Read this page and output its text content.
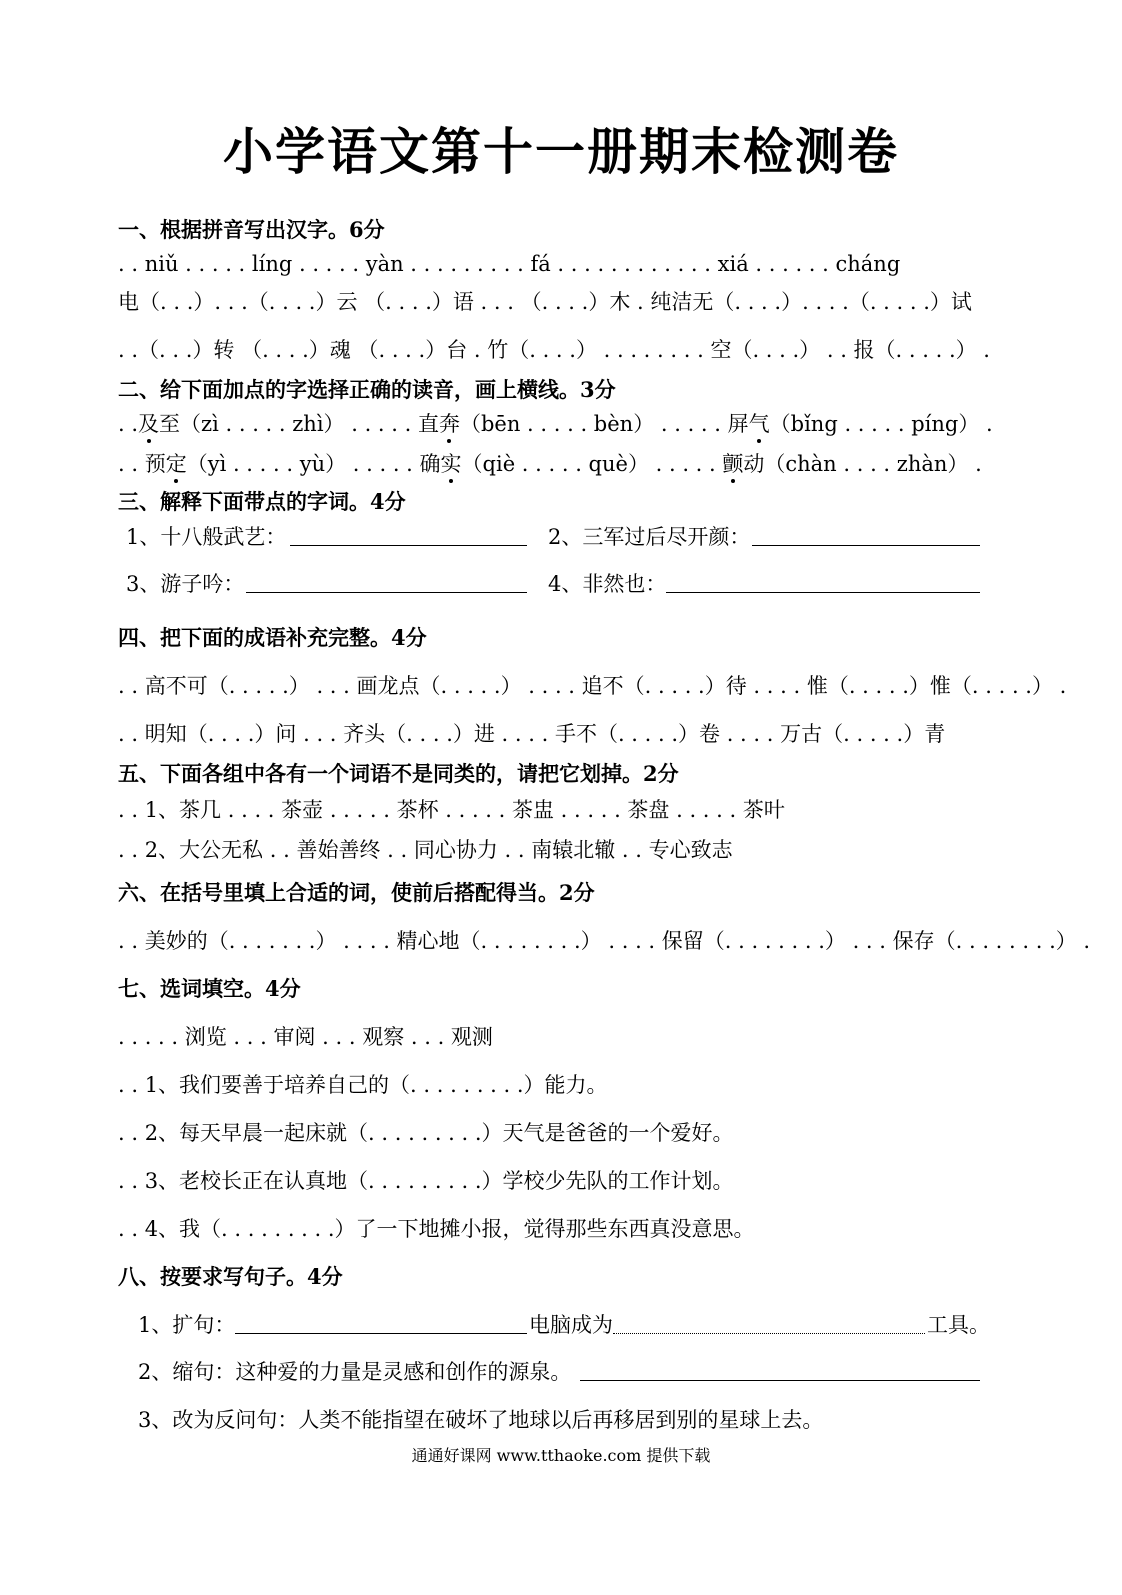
小学语文第十一册期末检测卷
一、根据拼音写出汉字。6分
. . niǔ . . . . . líng . . . . . yàn . . . . . . . . . fá . . . . . . . . . . . . xiá . . . . . . cháng
电（. . .）. . .（. . . .）云 （. . . .）语 . . . （. . . .）木 . 纯洁无（. . . .）. . . .（. . . . .）试
. .（. . .）转 （. . . .）魂 （. . . .）台 . 竹（. . . .） . . . . . . . . 空（. . . .） . . 报（. . . . .） .
二、给下面加点的字选择正确的读音，画上横线。3分
. .及至（zì . . . . . zhì） . . . . . 直奔（bēn . . . . . bèn） . . . . . 屏气（bǐng . . . . . píng） .
. . 预定（yì . . . . . yù） . . . . . 确实（qiè . . . . . què） . . . . . 颤动（chàn . . . . zhàn） .
三、解释下面带点的字词。4分
1、十八般武艺：	2、三军过后尽开颜：
3、游子吟：	4、非然也：
四、把下面的成语补充完整。4分
. . 高不可（. . . . .） . . . 画龙点（. . . . .） . . . . 追不（. . . . .）待 . . . . 惟（. . . . .）惟（. . . . .） .
. . 明知（. . . .）问 . . . 齐头（. . . .）进 . . . . 手不（. . . . .）卷 . . . . 万古（. . . . .）青
五、下面各组中各有一个词语不是同类的，请把它划掉。2分
. . 1、茶几 . . . . 茶壶 . . . . . 茶杯 . . . . . 茶盅 . . . . . 茶盘 . . . . . 茶叶
. . 2、大公无私 . . 善始善终 . . 同心协力 . . 南辕北辙 . . 专心致志
六、在括号里填上合适的词，使前后搭配得当。2分
. . 美妙的（. . . . . . .） . . . . 精心地（. . . . . . . .） . . . . 保留（. . . . . . . .） . . . 保存（. . . . . . . .） .
七、选词填空。4分
. . . . . 浏览 . . . 审阅 . . . 观察 . . . 观测
. . 1、我们要善于培养自己的（. . . . . . . . .）能力。
. . 2、每天早晨一起床就（. . . . . . . . .）天气是爸爸的一个爱好。
. . 3、老校长正在认真地（. . . . . . . . .）学校少先队的工作计划。
. . 4、我（. . . . . . . . .）了一下地摊小报，觉得那些东西真没意思。
八、按要求写句子。4分
1、扩句：	电脑成为	工具。
2、缩句：这种爱的力量是灵感和创作的源泉。
3、改为反问句：人类不能指望在破坏了地球以后再移居到别的星球上去。
通通好课网 www.tthaoke.com 提供下载
